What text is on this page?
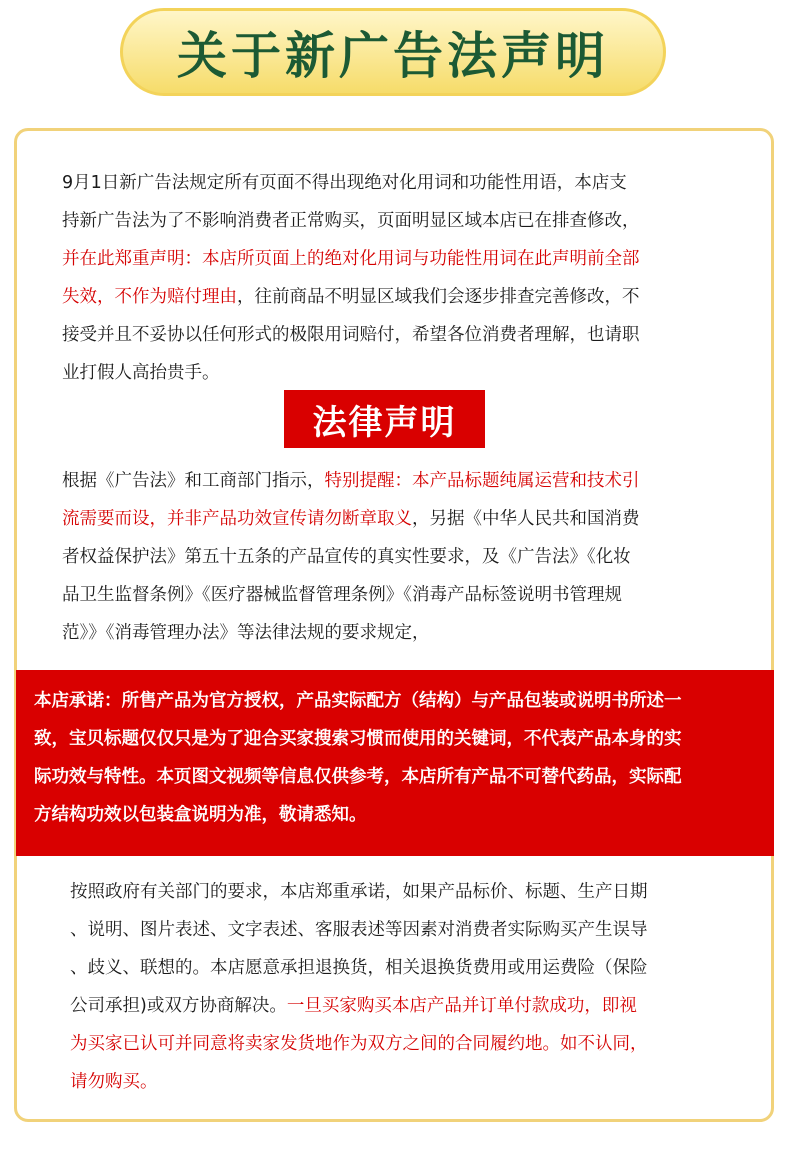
关于新广告法声明

9月1日新广告法规定所有页面不得出现绝对化用词和功能性用语，本店支

持新广告法为了不影响消费者正常购买，页面明显区域本店已在排查修改，

并在此郑重声明：本店所页面上的绝对化用词与功能性用词在此声明前全部

失效，不作为赔付理由，往前商品不明显区域我们会逐步排查完善修改，不

接受并且不妥协以任何形式的极限用词赔付，希望各位消费者理解，也请职

业打假人高抬贵手。

法律声明

根据《广告法》和工商部门指示，特别提醒：本产品标题纯属运营和技术引

流需要而设，并非产品功效宣传请勿断章取义，另据《中华人民共和国消费

者权益保护法》第五十五条的产品宣传的真实性要求，及《广告法》《化妆

品卫生监督条例》《医疗器械监督管理条例》《消毒产品标签说明书管理规

范》》《消毒管理办法》等法律法规的要求规定，

本店承诺：所售产品为官方授权，产品实际配方（结构）与产品包装或说明书所述一

致，宝贝标题仅仅只是为了迎合买家搜索习惯而使用的关键词，不代表产品本身的实

际功效与特性。本页图文视频等信息仅供参考，本店所有产品不可替代药品，实际配

方结构功效以包装盒说明为准，敬请悉知。

按照政府有关部门的要求，本店郑重承诺，如果产品标价、标题、生产日期

、说明、图片表述、文字表述、客服表述等因素对消费者实际购买产生误导

、歧义、联想的。本店愿意承担退换货，相关退换货费用或用运费险（保险

公司承担)或双方协商解决。一旦买家购买本店产品并订单付款成功，即视

为买家已认可并同意将卖家发货地作为双方之间的合同履约地。如不认同，

请勿购买。
